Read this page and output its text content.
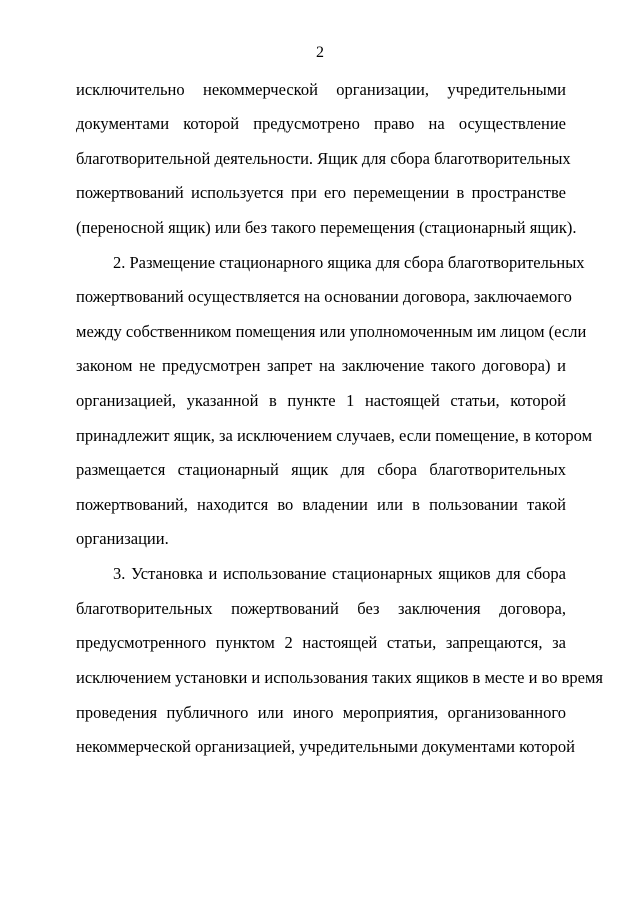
2
исключительно некоммерческой организации, учредительными
документами которой предусмотрено право на осуществление
благотворительной деятельности. Ящик для сбора благотворительных
пожертвований используется при его перемещении в пространстве
(переносной ящик) или без такого перемещения (стационарный ящик).
2. Размещение стационарного ящика для сбора благотворительных
пожертвований осуществляется на основании договора, заключаемого
между собственником помещения или уполномоченным им лицом (если
законом не предусмотрен запрет на заключение такого договора) и
организацией, указанной в пункте 1 настоящей статьи, которой
принадлежит ящик, за исключением случаев, если помещение, в котором
размещается стационарный ящик для сбора благотворительных
пожертвований, находится во владении или в пользовании такой
организации.
3. Установка и использование стационарных ящиков для сбора
благотворительных пожертвований без заключения договора,
предусмотренного пунктом 2 настоящей статьи, запрещаются, за
исключением установки и использования таких ящиков в месте и во время
проведения публичного или иного мероприятия, организованного
некоммерческой организацией, учредительными документами которой
